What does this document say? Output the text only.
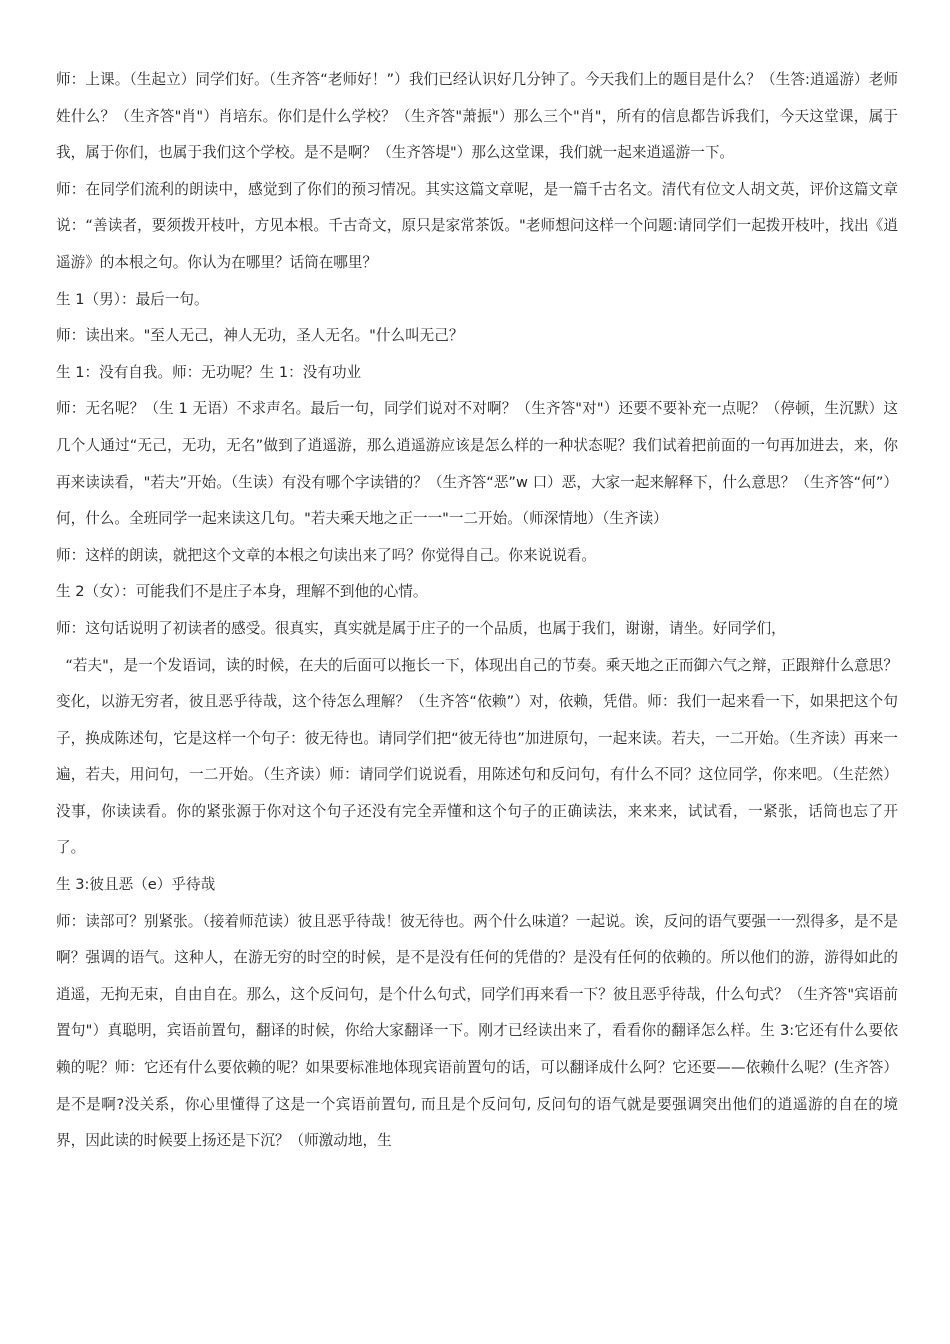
师：上课。（生起立）同学们好。（生齐答“老师好！”）我们已经认识好几分钟了。今天我们上的题目是什么？（生答:逍遥游）老师姓什么？（生齐答"肖"）肖培东。你们是什么学校？（生齐答"萧振"）那么三个"肖"，所有的信息都告诉我们，今天这堂课，属于我，属于你们，也属于我们这个学校。是不是啊？（生齐答堤"）那么这堂课，我们就一起来逍遥游一下。

师：在同学们流利的朗读中，感觉到了你们的预习情况。其实这篇文章呢，是一篇千古名文。清代有位文人胡文英，评价这篇文章说：“善读者，要须拨开枝叶，方见本根。千古奇文，原只是家常茶饭。"老师想问这样一个问题:请同学们一起拨开枝叶，找出《逍遥游》的本根之句。你认为在哪里？话筒在哪里？

生 1（男）：最后一句。

师：读出来。"至人无己，神人无功，圣人无名。"什么叫无己？

生 1：没有自我。师：无功呢？生 1：没有功业

师：无名呢？（生 1 无语）不求声名。最后一句，同学们说对不对啊？（生齐答"对"）还要不要补充一点呢？（停顿，生沉默）这几个人通过“无己，无功，无名”做到了逍遥游，那么逍遥游应该是怎么样的一种状态呢？我们试着把前面的一句再加进去，来，你再来读读看，"若夫”开始。（生读）有没有哪个字读错的？（生齐答“恶”w 口）恶，大家一起来解释下，什么意思？（生齐答“何”）何，什么。全班同学一起来读这几句。"若夫乘天地之正一一"一二开始。（师深情地）（生齐读）

师：这样的朗读，就把这个文章的本根之句读出来了吗？你觉得自己。你来说说看。

生 2（女）：可能我们不是庄子本身，理解不到他的心情。

师：这句话说明了初读者的感受。很真实，真实就是属于庄子的一个品质，也属于我们，谢谢，请坐。好同学们，

“若夫"，是一个发语词，读的时候，在夫的后面可以拖长一下，体现出自己的节奏。乘天地之正而御六气之辩，正跟辩什么意思？变化，以游无穷者，彼且恶乎待哉，这个待怎么理解？（生齐答“依赖”）对，依赖，凭借。师：我们一起来看一下，如果把这个句子，换成陈述句，它是这样一个句子：彼无待也。请同学们把“彼无待也”加进原句，一起来读。若夫，一二开始。（生齐读）再来一遍，若夫，用问句，一二开始。（生齐读）师：请同学们说说看，用陈述句和反问句，有什么不同？这位同学，你来吧。（生茫然）没事，你读读看。你的紧张源于你对这个句子还没有完全弄懂和这个句子的正确读法，来来来，试试看，一紧张，话筒也忘了开了。

生 3:彼且恶（e）乎待哉

师：读部可？别紧张。（接着师范读）彼且恶乎待哉！彼无待也。两个什么味道？一起说。诶，反问的语气要强一一烈得多，是不是啊？强调的语气。这种人，在游无穷的时空的时候，是不是没有任何的凭借的？是没有任何的依赖的。所以他们的游，游得如此的逍遥，无拘无束，自由自在。那么，这个反问句，是个什么句式，同学们再来看一下？彼且恶乎待哉，什么句式？（生齐答"宾语前置句"）真聪明，宾语前置句，翻译的时候，你给大家翻译一下。刚才已经读出来了，看看你的翻译怎么样。生 3:它还有什么要依赖的呢？师：它还有什么要依赖的呢？如果要标准地体现宾语前置句的话，可以翻译成什么阿？它还要——依赖什么呢？(生齐答）是不是啊?没关系，你心里懂得了这是一个宾语前置句, 而且是个反问句, 反问句的语气就是要强调突出他们的逍遥游的自在的境界，因此读的时候要上扬还是下沉？（师激动地，生
